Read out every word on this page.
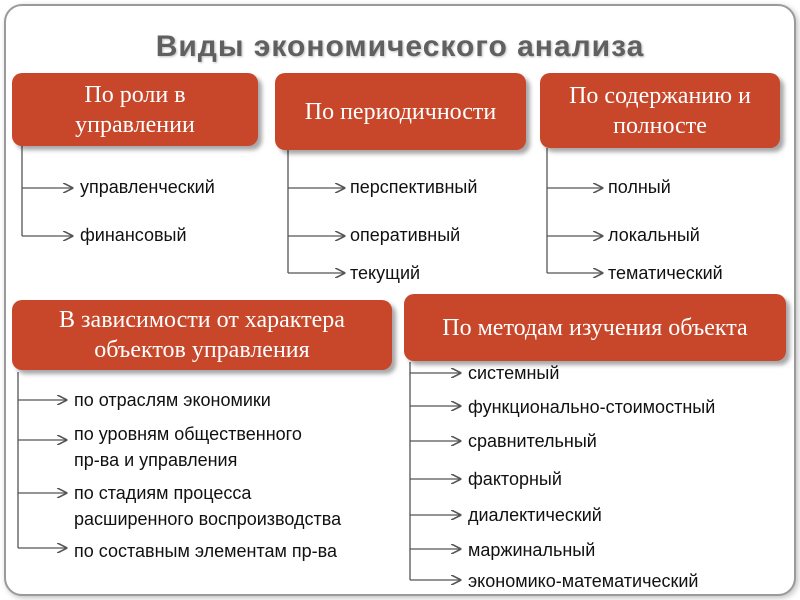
Виды экономического анализа
По роли в
управлении	По периодичности
По содержанию и
полносте
В зависимости от характера
объектов управления
По методам изучения объекта
управленческий
финансовый
перспективный
оперативный
текущий
полный
локальный
тематический
по отраслям экономики
по уровням общественного
пр-ва и управления
по стадиям процесса
расширенного воспроизводства
по составным элементам пр-ва
системный
функционально-стоимостный
сравнительный
факторный
диалектический
маржинальный
экономико-математический
